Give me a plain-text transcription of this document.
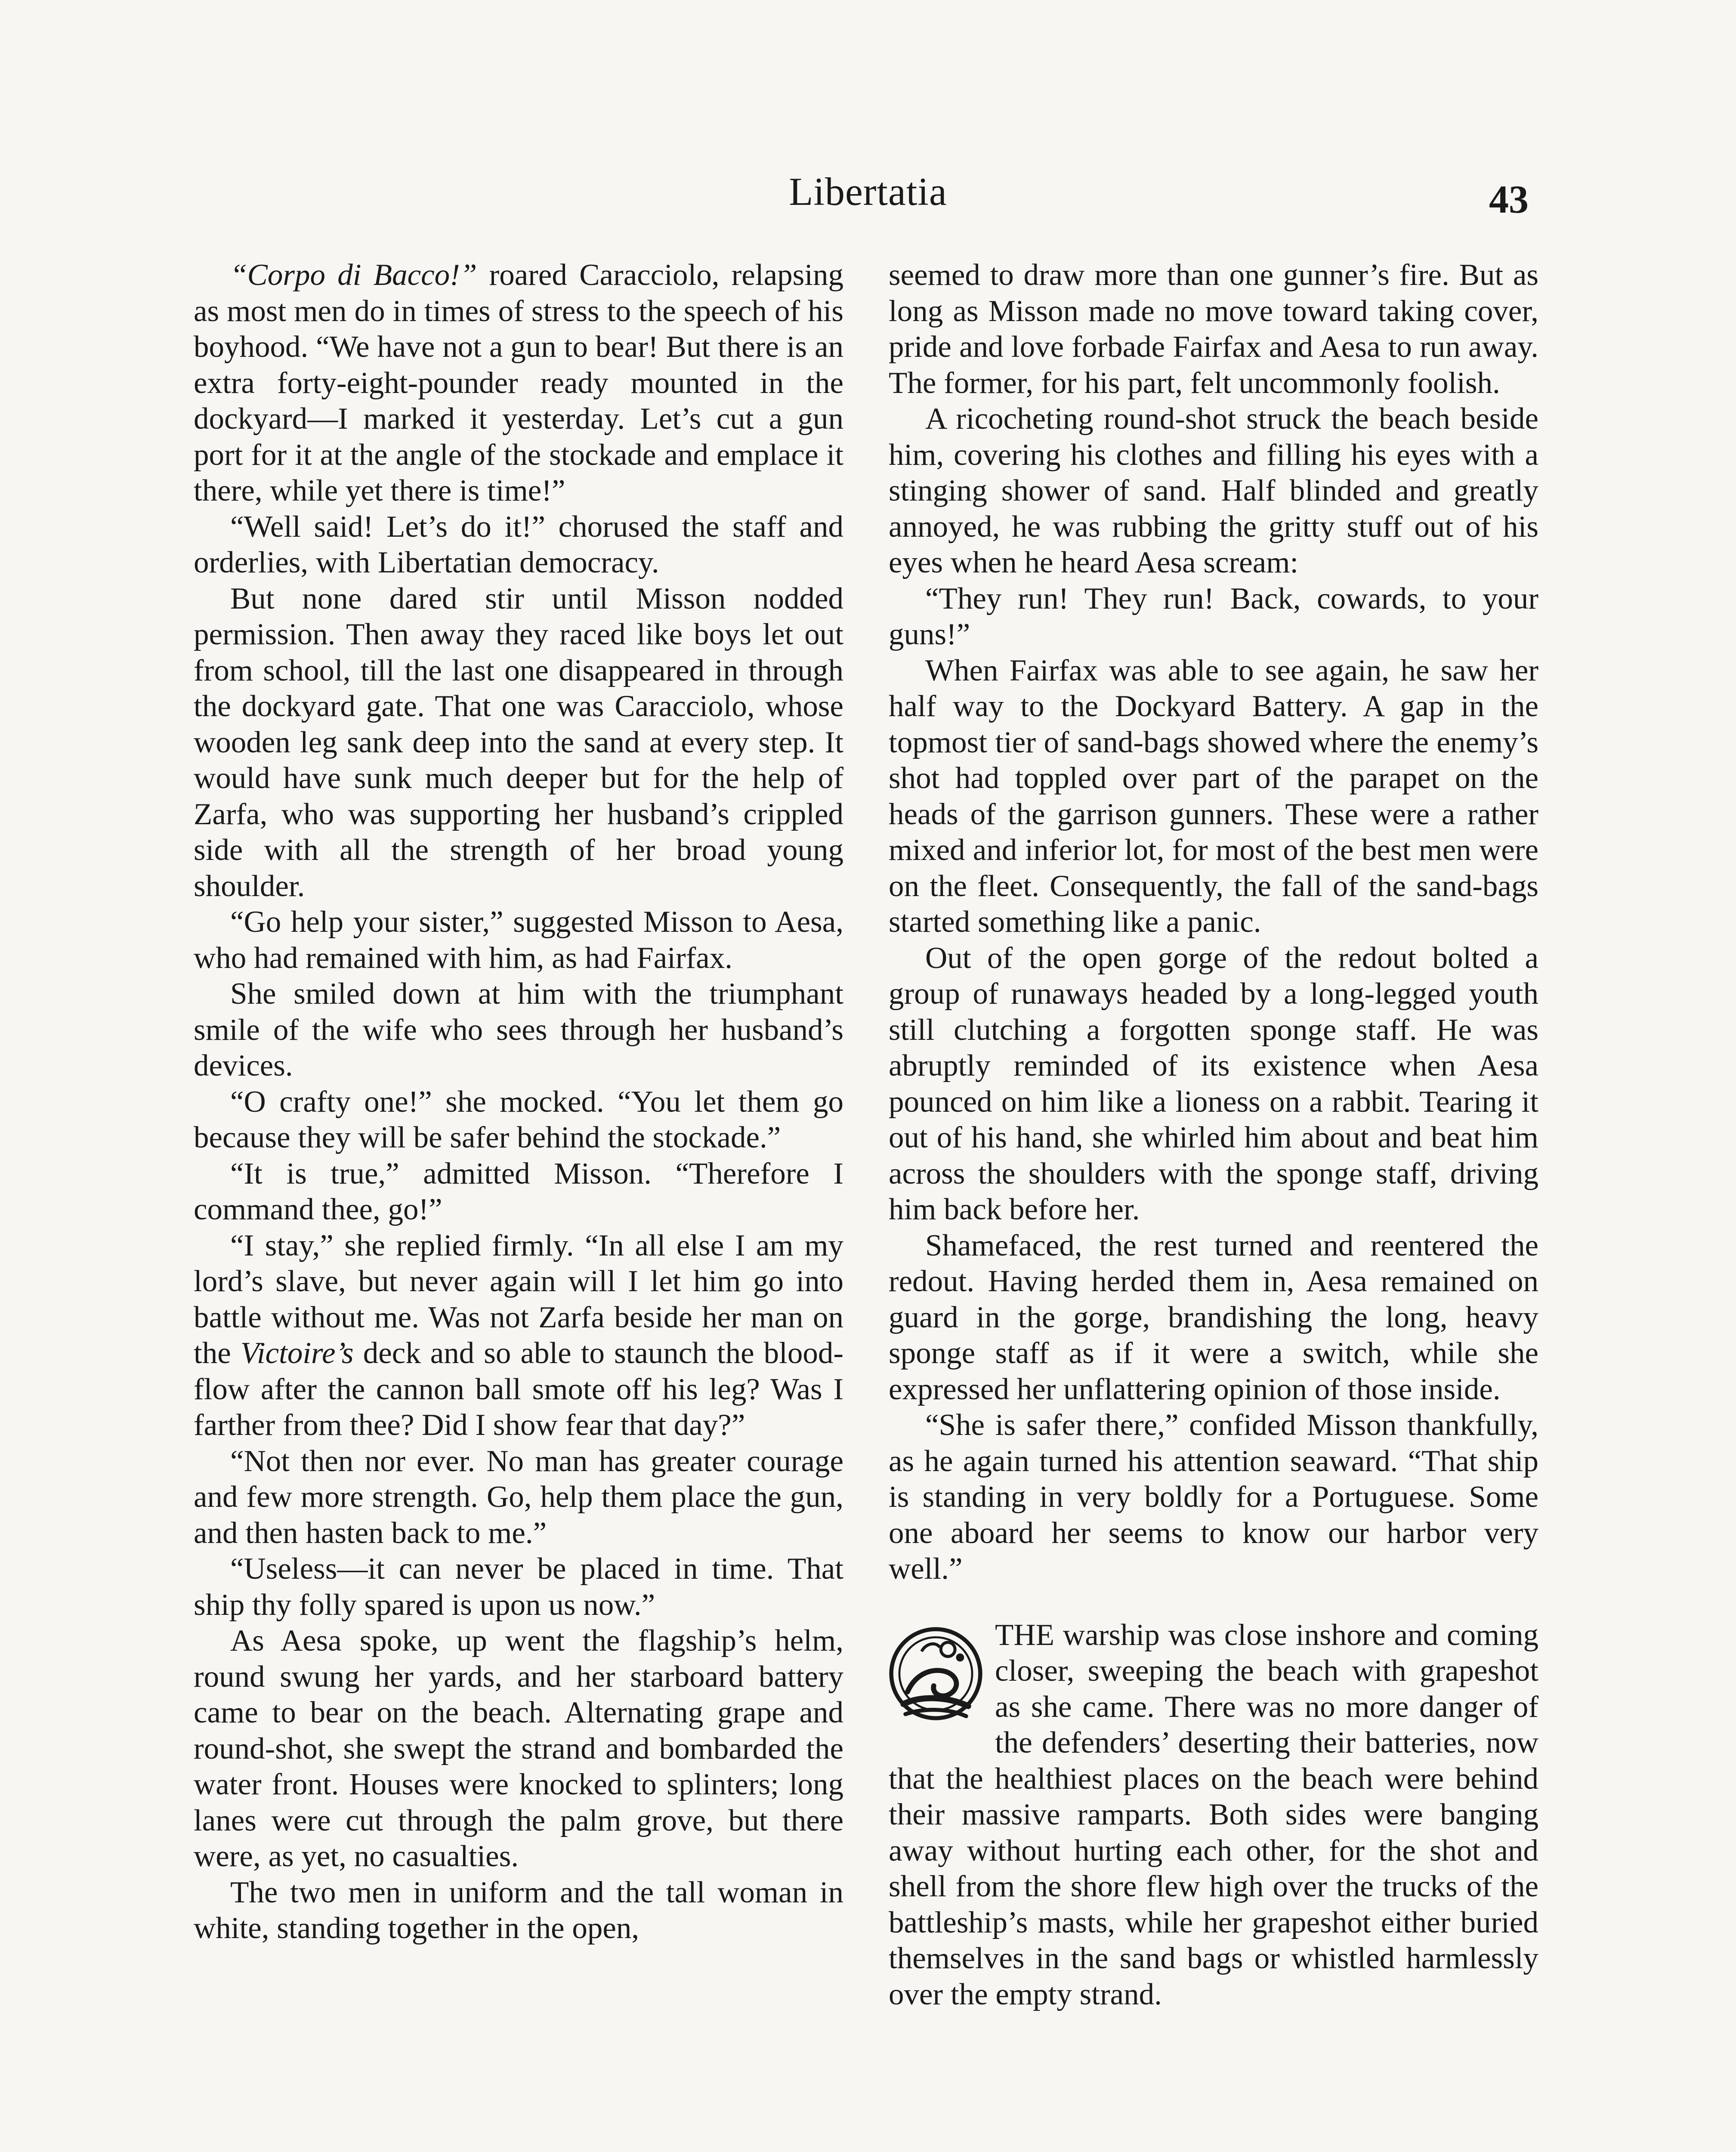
Libertatia	43

“Corpo di Bacco!” roared Caracciolo, relapsing as most men do in times of stress to the speech of his boyhood. “We have not a gun to bear! But there is an extra forty-eight-pounder ready mounted in the dockyard—I marked it yesterday. Let’s cut a gun port for it at the angle of the stockade and emplace it there, while yet there is time!”

“Well said! Let’s do it!” chorused the staff and orderlies, with Libertatian democracy.

But none dared stir until Misson nodded permission. Then away they raced like boys let out from school, till the last one disappeared in through the dockyard gate. That one was Caracciolo, whose wooden leg sank deep into the sand at every step. It would have sunk much deeper but for the help of Zarfa, who was supporting her husband’s crippled side with all the strength of her broad young shoulder.

“Go help your sister,” suggested Misson to Aesa, who had remained with him, as had Fairfax.

She smiled down at him with the triumphant smile of the wife who sees through her husband’s devices.

“O crafty one!” she mocked. “You let them go because they will be safer behind the stockade.”

“It is true,” admitted Misson. “Therefore I command thee, go!”

“I stay,” she replied firmly. “In all else I am my lord’s slave, but never again will I let him go into battle without me. Was not Zarfa beside her man on the Victoire’s deck and so able to staunch the blood-flow after the cannon ball smote off his leg? Was I farther from thee? Did I show fear that day?”

“Not then nor ever. No man has greater courage and few more strength. Go, help them place the gun, and then hasten back to me.”

“Useless—it can never be placed in time. That ship thy folly spared is upon us now.”

As Aesa spoke, up went the flagship’s helm, round swung her yards, and her starboard battery came to bear on the beach. Alternating grape and round-shot, she swept the strand and bombarded the water front. Houses were knocked to splinters; long lanes were cut through the palm grove, but there were, as yet, no casualties.

The two men in uniform and the tall woman in white, standing together in the open,

seemed to draw more than one gunner’s fire. But as long as Misson made no move toward taking cover, pride and love forbade Fairfax and Aesa to run away. The former, for his part, felt uncommonly foolish.

A ricocheting round-shot struck the beach beside him, covering his clothes and filling his eyes with a stinging shower of sand. Half blinded and greatly annoyed, he was rubbing the gritty stuff out of his eyes when he heard Aesa scream:

“They run! They run! Back, cowards, to your guns!”

When Fairfax was able to see again, he saw her half way to the Dockyard Battery. A gap in the topmost tier of sand-bags showed where the enemy’s shot had toppled over part of the parapet on the heads of the garrison gunners. These were a rather mixed and inferior lot, for most of the best men were on the fleet. Consequently, the fall of the sand-bags started something like a panic.

Out of the open gorge of the redout bolted a group of runaways headed by a long-legged youth still clutching a forgotten sponge staff. He was abruptly reminded of its existence when Aesa pounced on him like a lioness on a rabbit. Tearing it out of his hand, she whirled him about and beat him across the shoulders with the sponge staff, driving him back before her.

Shamefaced, the rest turned and reentered the redout. Having herded them in, Aesa remained on guard in the gorge, brandishing the long, heavy sponge staff as if it were a switch, while she expressed her unflattering opinion of those inside.

“She is safer there,” confided Misson thankfully, as he again turned his attention seaward. “That ship is standing in very boldly for a Portuguese. Some one aboard her seems to know our harbor very well.”

THE warship was close inshore and coming closer, sweeping the beach with grapeshot as she came. There was no more danger of the defenders’ deserting their batteries, now that the healthiest places on the beach were behind their massive ramparts. Both sides were banging away without hurting each other, for the shot and shell from the shore flew high over the trucks of the battleship’s masts, while her grapeshot either buried themselves in the sand bags or whistled harmlessly over the empty strand.
